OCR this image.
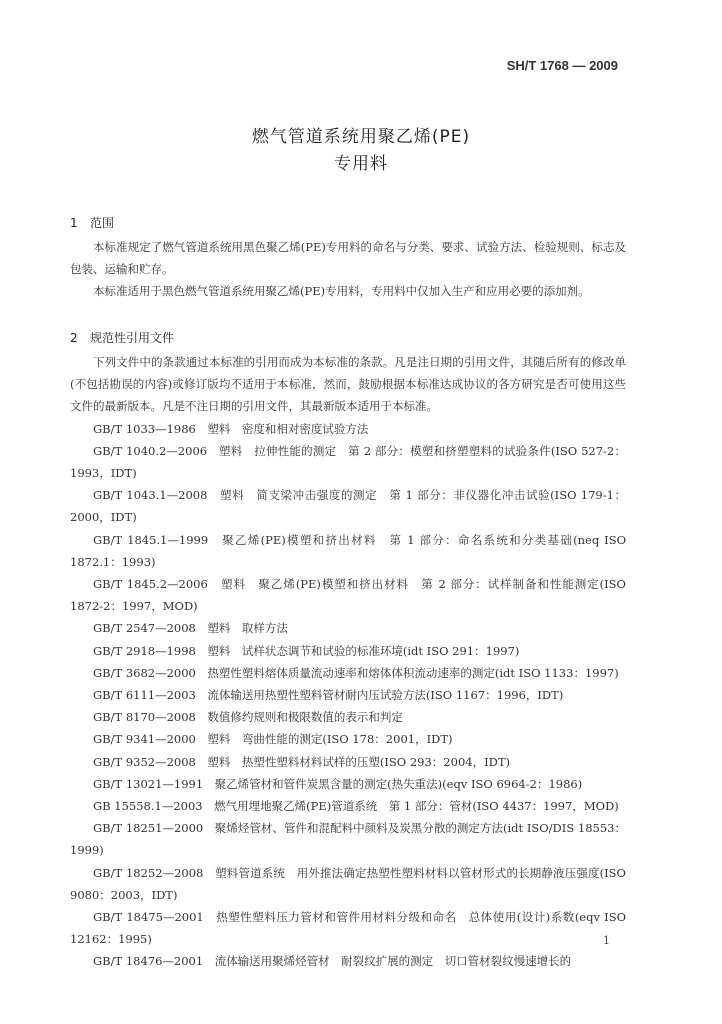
SH/T 1768 — 2009
燃气管道系统用聚乙烯(PE)
专用料
1 范围

本标准规定了燃气管道系统用黑色聚乙烯(PE)专用料的命名与分类、要求、试验方法、检验规则、标志及包装、运输和贮存。

本标准适用于黑色燃气管道系统用聚乙烯(PE)专用料，专用料中仅加入生产和应用必要的添加剂。

2 规范性引用文件

下列文件中的条款通过本标准的引用而成为本标准的条款。凡是注日期的引用文件，其随后所有的修改单(不包括勘误的内容)或修订版均不适用于本标准，然而，鼓励根据本标准达成协议的各方研究是否可使用这些文件的最新版本。凡是不注日期的引用文件，其最新版本适用于本标准。

GB/T 1033—1986　塑料　密度和相对密度试验方法

GB/T 1040.2—2006　塑料　拉伸性能的测定　第 2 部分：模塑和挤塑塑料的试验条件(ISO 527-2：1993，IDT)

GB/T 1043.1—2008　塑料　简支梁冲击强度的测定　第 1 部分：非仪器化冲击试验(ISO 179-1：2000，IDT)

GB/T 1845.1—1999　聚乙烯(PE)模塑和挤出材料　第 1 部分：命名系统和分类基础(neq ISO 1872.1：1993)

GB/T 1845.2—2006　塑料　聚乙烯(PE)模塑和挤出材料　第 2 部分：试样制备和性能测定(ISO 1872-2：1997，MOD)

GB/T 2547—2008　塑料　取样方法

GB/T 2918—1998　塑料　试样状态调节和试验的标准环境(idt ISO 291：1997)

GB/T 3682—2000　热塑性塑料熔体质量流动速率和熔体体积流动速率的测定(idt ISO 1133：1997)

GB/T 6111—2003　流体输送用热塑性塑料管材耐内压试验方法(ISO 1167：1996，IDT)

GB/T 8170—2008　数值修约规则和极限数值的表示和判定

GB/T 9341—2000　塑料　弯曲性能的测定(ISO 178：2001，IDT)

GB/T 9352—2008　塑料　热塑性塑料材料试样的压塑(ISO 293：2004，IDT)

GB/T 13021—1991　聚乙烯管材和管件炭黑含量的测定(热失重法)(eqv ISO 6964-2：1986)

GB 15558.1—2003　燃气用埋地聚乙烯(PE)管道系统　第 1 部分：管材(ISO 4437：1997，MOD)

GB/T 18251—2000　聚烯烃管材、管件和混配料中颜料及炭黑分散的测定方法(idt ISO/DIS 18553：1999)

GB/T 18252—2008　塑料管道系统　用外推法确定热塑性塑料材料以管材形式的长期静液压强度(ISO 9080：2003，IDT)

GB/T 18475—2001　热塑性塑料压力管材和管件用材料分级和命名　总体使用(设计)系数(eqv ISO 12162：1995)

GB/T 18476—2001　流体输送用聚烯烃管材　耐裂纹扩展的测定　切口管材裂纹慢速增长的

1
